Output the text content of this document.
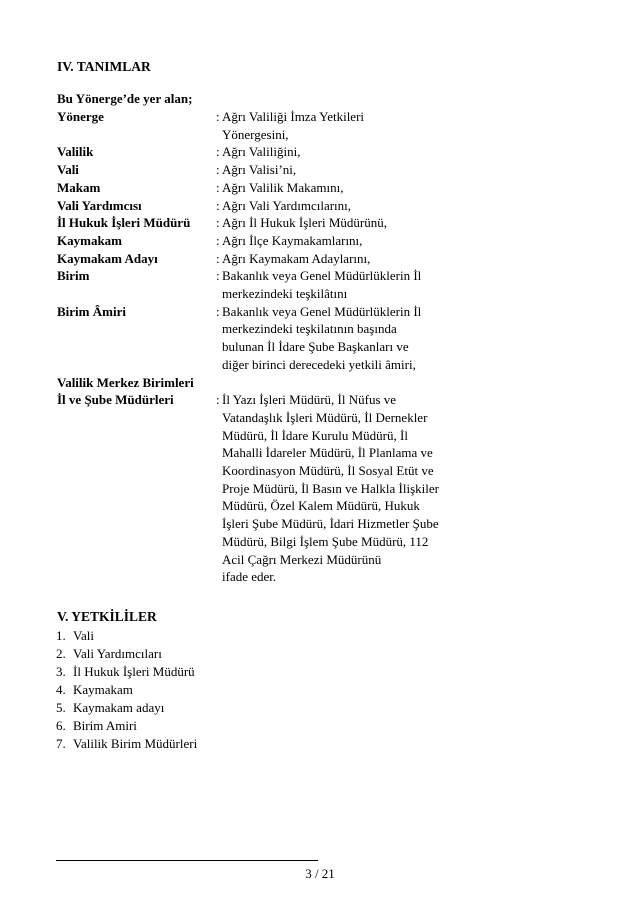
IV. TANIMLAR
Bu Yönerge’de yer alan;
Yönerge	: Ağrı Valiliği İmza Yetkileri
Yönergesini,
Valilik	: Ağrı Valiliğini,
Vali	: Ağrı Valisi’ni,
Makam	: Ağrı Valilik Makamını,
Vali Yardımcısı	: Ağrı Vali Yardımcılarını,
İl Hukuk İşleri Müdürü	: Ağrı İl Hukuk İşleri Müdürünü,
Kaymakam	: Ağrı İlçe Kaymakamlarını,
Kaymakam Adayı	: Ağrı Kaymakam Adaylarını,
Birim	: Bakanlık veya Genel Müdürlüklerin İl
merkezindeki teşkilâtını
Birim Âmiri	: Bakanlık veya Genel Müdürlüklerin İl
merkezindeki teşkilatının başında
bulunan İl İdare Şube Başkanları ve
diğer birinci derecedeki yetkili âmiri,
Valilik Merkez Birimleri
İl ve Şube Müdürleri	: İl Yazı İşleri Müdürü, İl Nüfus ve
Vatandaşlık İşleri Müdürü, İl Dernekler
Müdürü, İl İdare Kurulu Müdürü, İl
Mahalli İdareler Müdürü, İl Planlama ve
Koordinasyon Müdürü, İl Sosyal Etüt ve
Proje Müdürü, İl Basın ve Halkla İlişkiler
Müdürü, Özel Kalem Müdürü, Hukuk
İşleri Şube Müdürü, İdari Hizmetler Şube
Müdürü, Bilgi İşlem Şube Müdürü, 112
Acil Çağrı Merkezi Müdürünü
ifade eder.
V. YETKİLİLER
1. Vali
2. Vali Yardımcıları
3. İl Hukuk İşleri Müdürü
4. Kaymakam
5. Kaymakam adayı
6. Birim Amiri
7. Valilik Birim Müdürleri
3 / 21
